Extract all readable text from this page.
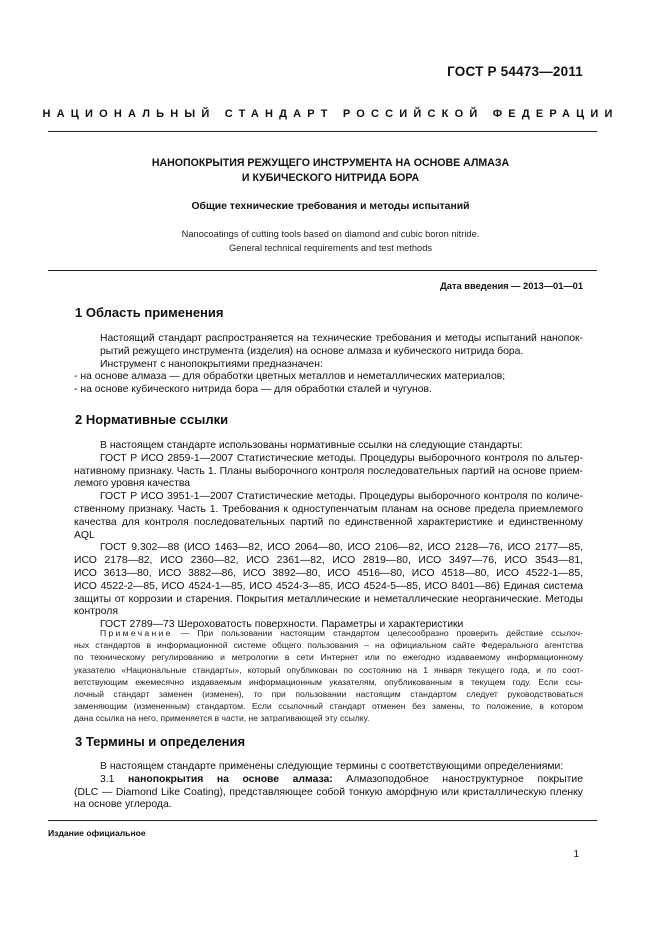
ГОСТ Р 54473—2011
НАЦИОНАЛЬНЫЙ СТАНДАРТ РОССИЙСКОЙ ФЕДЕРАЦИИ
НАНОПОКРЫТИЯ РЕЖУЩЕГО ИНСТРУМЕНТА НА ОСНОВЕ АЛМАЗА
И КУБИЧЕСКОГО НИТРИДА БОРА
Общие технические требования и методы испытаний
Nanocoatings of cutting tools based on diamond and cubic boron nitride.
General technical requirements and test methods
Дата введения — 2013—01—01
1 Область применения
Настоящий стандарт распространяется на технические требования и методы испытаний нанопок-
рытий режущего инструмента (изделия) на основе алмаза и кубического нитрида бора.
Инструмент с нанопокрытиями предназначен:
- на основе алмаза — для обработки цветных металлов и неметаллических материалов;
- на основе кубического нитрида бора — для обработки сталей и чугунов.
2 Нормативные ссылки
В настоящем стандарте использованы нормативные ссылки на следующие стандарты:
ГОСТ Р ИСО 2859-1—2007 Статистические методы. Процедуры выборочного контроля по альтер-
нативному признаку. Часть 1. Планы выборочного контроля последовательных партий на основе прием-
лемого уровня качества
ГОСТ Р ИСО 3951-1—2007 Статистические методы. Процедуры выборочного контроля по количе-
ственному признаку. Часть 1. Требования к одноступенчатым планам на основе предела приемлемого
качества для контроля последовательных партий по единственной характеристике и единственному AQL
ГОСТ 9.302—88 (ИСО 1463—82, ИСО 2064—80, ИСО 2106—82, ИСО 2128—76, ИСО 2177—85,
ИСО 2178—82, ИСО 2360—82, ИСО 2361—82, ИСО 2819—80, ИСО 3497—76, ИСО 3543—81,
ИСО 3613—80, ИСО 3882—86, ИСО 3892—80, ИСО 4516—80, ИСО 4518—80, ИСО 4522-1—85,
ИСО 4522-2—85, ИСО 4524-1—85, ИСО 4524-3—85, ИСО 4524-5—85, ИСО 8401—86) Единая система
защиты от коррозии и старения. Покрытия металлические и неметаллические неорганические. Методы
контроля
ГОСТ 2789—73 Шероховатость поверхности. Параметры и характеристики
Примечание — При пользовании настоящим стандартом целесообразно проверить действие ссылоч-
ных стандартов в информационной системе общего пользования – на официальном сайте Федерального агентства
по техническому регулированию и метрологии в сети Интернет или по ежегодно издаваемому информационному
указателю «Национальные стандарты», который опубликован по состоянию на 1 января текущего года, и по соот-
ветствующим ежемесячно издаваемым информационным указателям, опубликованным в текущем году. Если ссы-
лочный стандарт заменен (изменен), то при пользовании настоящим стандартом следует руководствоваться
заменяющим (измененным) стандартом. Если ссылочный стандарт отменен без замены, то положение, в котором
дана ссылка на него, применяется в части, не затрагивающей эту ссылку.
3 Термины и определения
В настоящем стандарте применены следующие термины с соответствующими определениями:
3.1 нанопокрытия на основе алмаза: Алмазоподобное наноструктурное покрытие
(DLC — Diamond Like Coating), представляющее собой тонкую аморфную или кристаллическую пленку
на основе углерода.
Издание официальное
1
